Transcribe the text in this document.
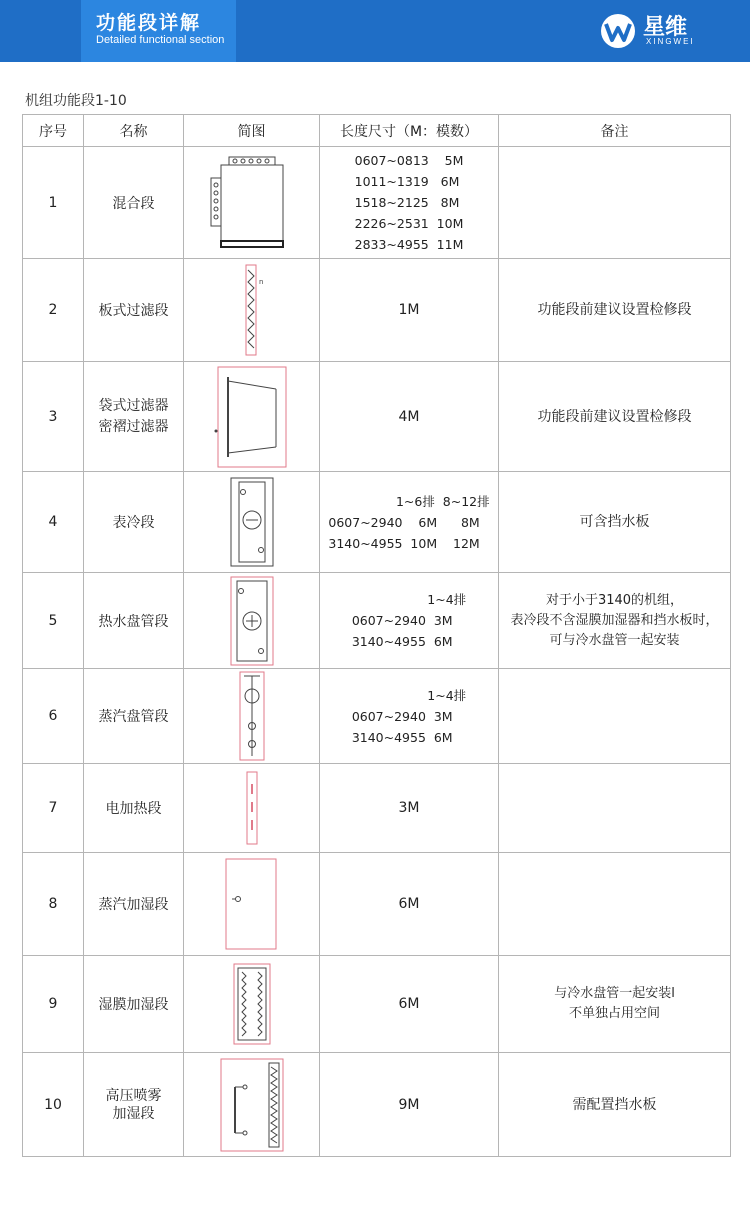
功能段详解
Detailed functional section	星维
XINGWEI
机组功能段1-10
序号	名称	简图	长度尺寸（M：模数）	备注
1	混合段		0607~0813    5M
1011~1319   6M
1518~2125   8M
2226~2531  10M
2833~4955  11M	
2	板式过滤段	n	1M	功能段前建议设置检修段
3	袋式过滤器
密褶过滤器		4M	功能段前建议设置检修段
4	表冷段		1~6排  8~12排
0607~2940    6M      8M
3140~4955  10M    12M	可含挡水板
5	热水盘管段		1~4排
0607~2940  3M
3140~4955  6M	对于小于3140的机组，
表冷段不含湿膜加湿器和挡水板时，
可与冷水盘管一起安装
6	蒸汽盘管段		1~4排
0607~2940  3M
3140~4955  6M	
7	电加热段		3M	
8	蒸汽加湿段		6M	
9	湿膜加湿段		6M	与冷水盘管一起安装l
不单独占用空间
10	高压喷雾
加湿段		9M	需配置挡水板
